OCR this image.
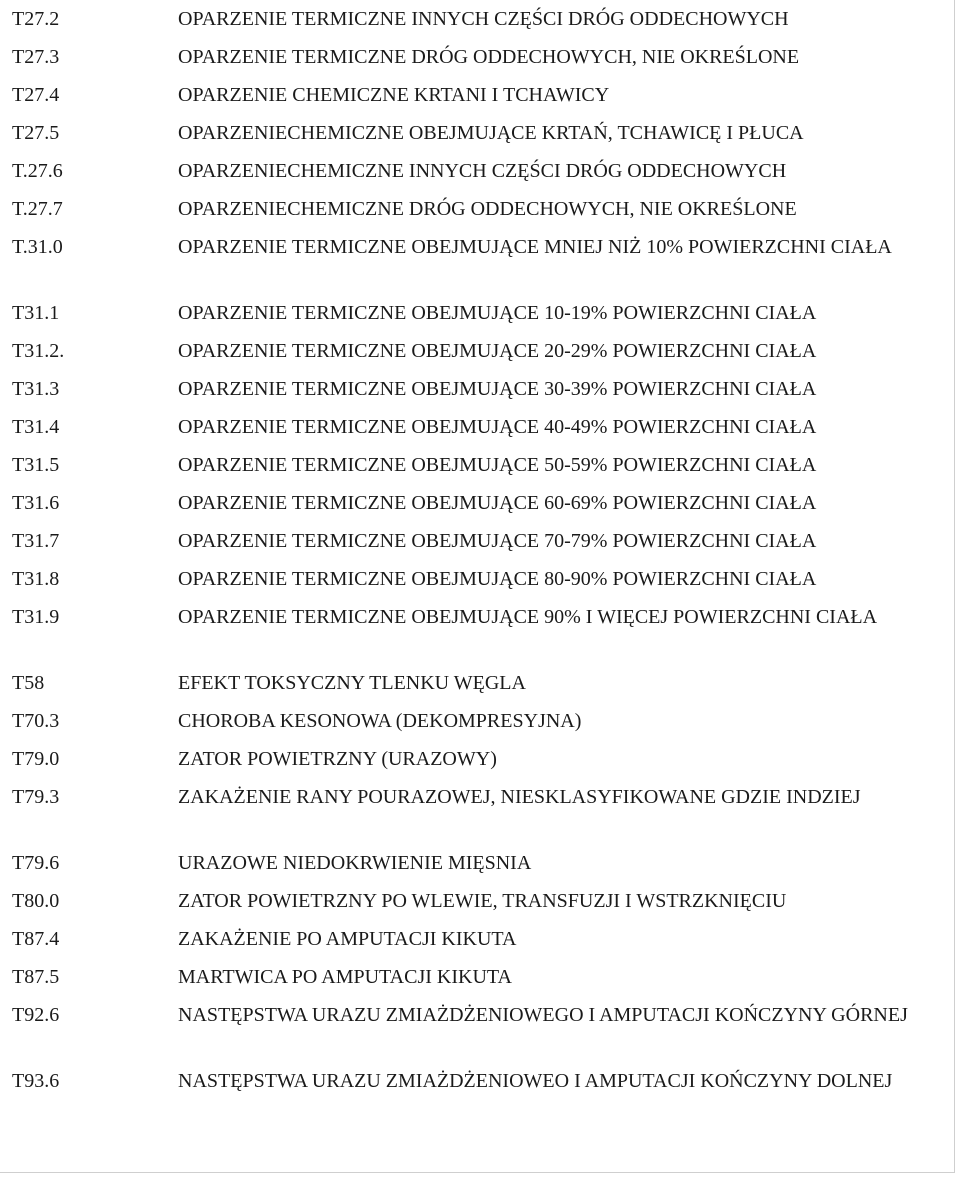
T27.2	OPARZENIE TERMICZNE INNYCH CZĘŚCI DRÓG ODDECHOWYCH
T27.3	OPARZENIE TERMICZNE DRÓG ODDECHOWYCH, NIE OKREŚLONE
T27.4	OPARZENIE CHEMICZNE KRTANI I TCHAWICY
T27.5	OPARZENIECHEMICZNE OBEJMUJĄCE KRTAŃ, TCHAWICĘ I PŁUCA
T.27.6	OPARZENIECHEMICZNE INNYCH CZĘŚCI DRÓG ODDECHOWYCH
T.27.7	OPARZENIECHEMICZNE DRÓG ODDECHOWYCH, NIE OKREŚLONE
T.31.0	OPARZENIE TERMICZNE OBEJMUJĄCE MNIEJ NIŻ 10% POWIERZCHNI CIAŁA
T31.1	OPARZENIE TERMICZNE OBEJMUJĄCE 10-19% POWIERZCHNI CIAŁA
T31.2.	OPARZENIE TERMICZNE OBEJMUJĄCE 20-29% POWIERZCHNI CIAŁA
T31.3	OPARZENIE TERMICZNE OBEJMUJĄCE 30-39% POWIERZCHNI CIAŁA
T31.4	OPARZENIE TERMICZNE OBEJMUJĄCE 40-49% POWIERZCHNI CIAŁA
T31.5	OPARZENIE TERMICZNE OBEJMUJĄCE 50-59% POWIERZCHNI CIAŁA
T31.6	OPARZENIE TERMICZNE OBEJMUJĄCE 60-69% POWIERZCHNI CIAŁA
T31.7	OPARZENIE TERMICZNE OBEJMUJĄCE 70-79% POWIERZCHNI CIAŁA
T31.8	OPARZENIE TERMICZNE OBEJMUJĄCE 80-90% POWIERZCHNI CIAŁA
T31.9	OPARZENIE TERMICZNE OBEJMUJĄCE 90% I WIĘCEJ POWIERZCHNI CIAŁA
T58	EFEKT TOKSYCZNY TLENKU WĘGLA
T70.3	CHOROBA KESONOWA (DEKOMPRESYJNA)
T79.0	ZATOR POWIETRZNY (URAZOWY)
T79.3	ZAKAŻENIE RANY POURAZOWEJ, NIESKLASYFIKOWANE GDZIE INDZIEJ
T79.6	URAZOWE NIEDOKRWIENIE MIĘSNIA
T80.0	ZATOR POWIETRZNY PO WLEWIE, TRANSFUZJI I WSTRZKNIĘCIU
T87.4	ZAKAŻENIE PO AMPUTACJI KIKUTA
T87.5	MARTWICA PO AMPUTACJI KIKUTA
T92.6	NASTĘPSTWA URAZU ZMIAŻDŻENIOWEGO I AMPUTACJI KOŃCZYNY GÓRNEJ
T93.6	NASTĘPSTWA URAZU ZMIAŻDŻENIOWEO I AMPUTACJI KOŃCZYNY DOLNEJ
